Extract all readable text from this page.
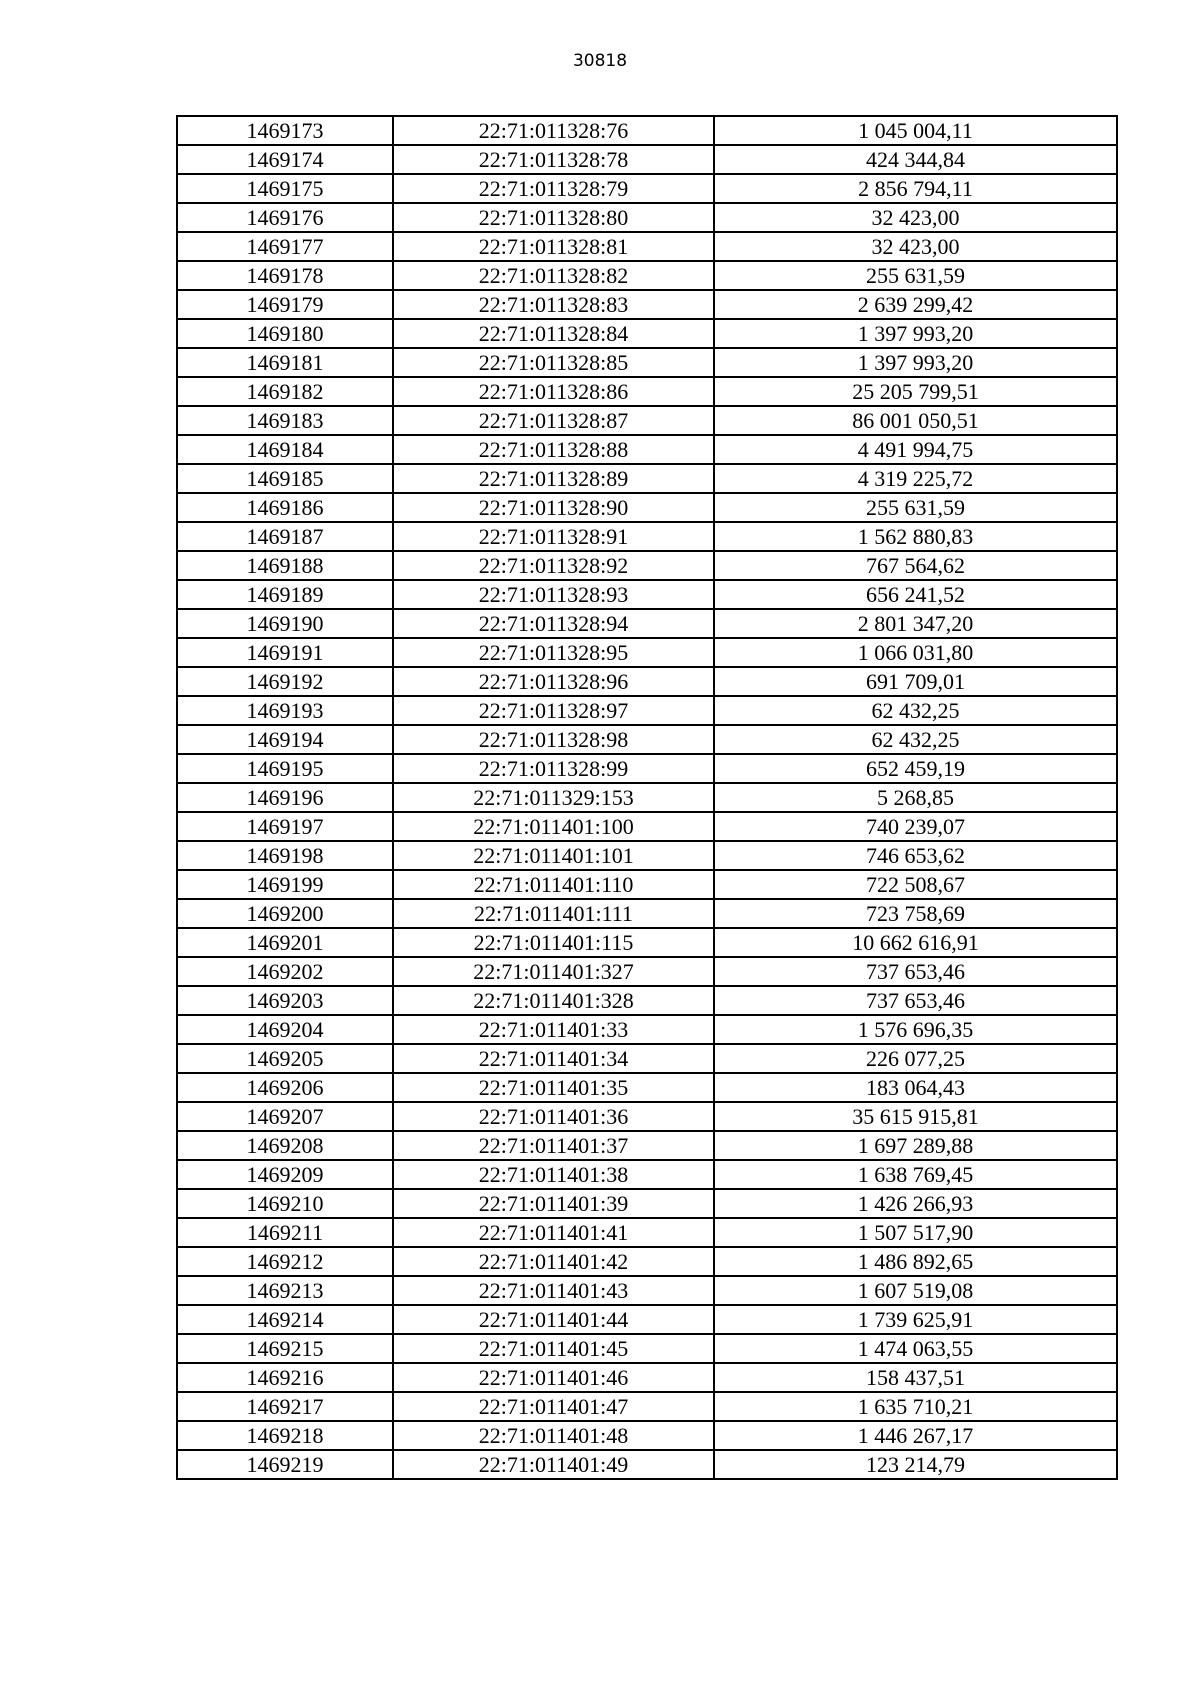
30818
1469173	22:71:011328:76	1 045 004,11
1469174	22:71:011328:78	424 344,84
1469175	22:71:011328:79	2 856 794,11
1469176	22:71:011328:80	32 423,00
1469177	22:71:011328:81	32 423,00
1469178	22:71:011328:82	255 631,59
1469179	22:71:011328:83	2 639 299,42
1469180	22:71:011328:84	1 397 993,20
1469181	22:71:011328:85	1 397 993,20
1469182	22:71:011328:86	25 205 799,51
1469183	22:71:011328:87	86 001 050,51
1469184	22:71:011328:88	4 491 994,75
1469185	22:71:011328:89	4 319 225,72
1469186	22:71:011328:90	255 631,59
1469187	22:71:011328:91	1 562 880,83
1469188	22:71:011328:92	767 564,62
1469189	22:71:011328:93	656 241,52
1469190	22:71:011328:94	2 801 347,20
1469191	22:71:011328:95	1 066 031,80
1469192	22:71:011328:96	691 709,01
1469193	22:71:011328:97	62 432,25
1469194	22:71:011328:98	62 432,25
1469195	22:71:011328:99	652 459,19
1469196	22:71:011329:153	5 268,85
1469197	22:71:011401:100	740 239,07
1469198	22:71:011401:101	746 653,62
1469199	22:71:011401:110	722 508,67
1469200	22:71:011401:111	723 758,69
1469201	22:71:011401:115	10 662 616,91
1469202	22:71:011401:327	737 653,46
1469203	22:71:011401:328	737 653,46
1469204	22:71:011401:33	1 576 696,35
1469205	22:71:011401:34	226 077,25
1469206	22:71:011401:35	183 064,43
1469207	22:71:011401:36	35 615 915,81
1469208	22:71:011401:37	1 697 289,88
1469209	22:71:011401:38	1 638 769,45
1469210	22:71:011401:39	1 426 266,93
1469211	22:71:011401:41	1 507 517,90
1469212	22:71:011401:42	1 486 892,65
1469213	22:71:011401:43	1 607 519,08
1469214	22:71:011401:44	1 739 625,91
1469215	22:71:011401:45	1 474 063,55
1469216	22:71:011401:46	158 437,51
1469217	22:71:011401:47	1 635 710,21
1469218	22:71:011401:48	1 446 267,17
1469219	22:71:011401:49	123 214,79
